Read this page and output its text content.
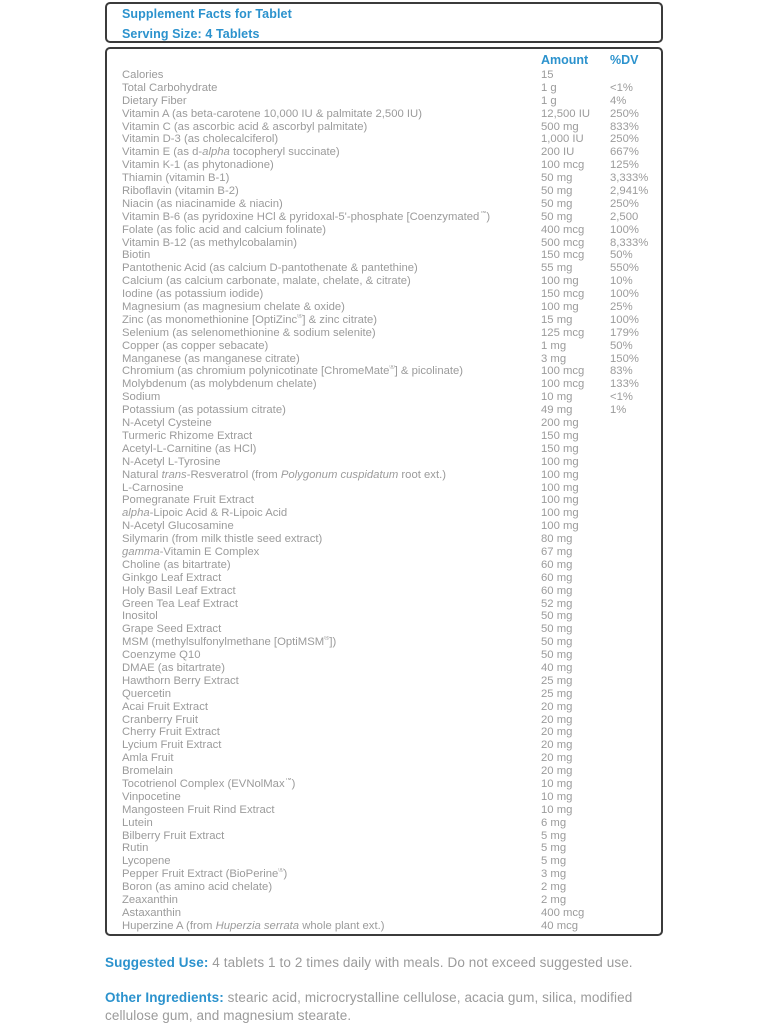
Supplement Facts for Tablet
Serving Size: 4 Tablets
Amount %DV
Calories	15
Total Carbohydrate	1 g	<1%
Dietary Fiber	1 g	4%
Vitamin A (as beta-carotene 10,000 IU & palmitate 2,500 IU)	12,500 IU	250%
Vitamin C (as ascorbic acid & ascorbyl palmitate)	500 mg	833%
Vitamin D-3 (as cholecalciferol)	1,000 IU	250%
Vitamin E (as d-alpha tocopheryl succinate)	200 IU	667%
Vitamin K-1 (as phytonadione)	100 mcg	125%
Thiamin (vitamin B-1)	50 mg	3,333%
Riboflavin (vitamin B-2)	50 mg	2,941%
Niacin (as niacinamide & niacin)	50 mg	250%
Vitamin B-6 (as pyridoxine HCl & pyridoxal-5'-phosphate [Coenzymated™)	50 mg	2,500
Folate (as folic acid and calcium folinate)	400 mcg	100%
Vitamin B-12 (as methylcobalamin)	500 mcg	8,333%
Biotin	150 mcg	50%
Pantothenic Acid (as calcium D-pantothenate & pantethine)	55 mg	550%
Calcium (as calcium carbonate, malate, chelate, & citrate)	100 mg	10%
Iodine (as potassium iodide)	150 mcg	100%
Magnesium (as magnesium chelate & oxide)	100 mg	25%
Zinc (as monomethionine [OptiZinc®] & zinc citrate)	15 mg	100%
Selenium (as selenomethionine & sodium selenite)	125 mcg	179%
Copper (as copper sebacate)	1 mg	50%
Manganese (as manganese citrate)	3 mg	150%
Chromium (as chromium polynicotinate [ChromeMate®] & picolinate)	100 mcg	83%
Molybdenum (as molybdenum chelate)	100 mcg	133%
Sodium	10 mg	<1%
Potassium (as potassium citrate)	49 mg	1%
N-Acetyl Cysteine	200 mg
Turmeric Rhizome Extract	150 mg
Acetyl-L-Carnitine (as HCl)	150 mg
N-Acetyl L-Tyrosine	100 mg
Natural trans-Resveratrol (from Polygonum cuspidatum root ext.)	100 mg
L-Carnosine	100 mg
Pomegranate Fruit Extract	100 mg
alpha-Lipoic Acid & R-Lipoic Acid	100 mg
N-Acetyl Glucosamine	100 mg
Silymarin (from milk thistle seed extract)	80 mg
gamma-Vitamin E Complex	67 mg
Choline (as bitartrate)	60 mg
Ginkgo Leaf Extract	60 mg
Holy Basil Leaf Extract	60 mg
Green Tea Leaf Extract	52 mg
Inositol	50 mg
Grape Seed Extract	50 mg
MSM (methylsulfonylmethane [OptiMSM®])	50 mg
Coenzyme Q10	50 mg
DMAE (as bitartrate)	40 mg
Hawthorn Berry Extract	25 mg
Quercetin	25 mg
Acai Fruit Extract	20 mg
Cranberry Fruit	20 mg
Cherry Fruit Extract	20 mg
Lycium Fruit Extract	20 mg
Amla Fruit	20 mg
Bromelain	20 mg
Tocotrienol Complex (EVNolMax™)	10 mg
Vinpocetine	10 mg
Mangosteen Fruit Rind Extract	10 mg
Lutein	6 mg
Bilberry Fruit Extract	5 mg
Rutin	5 mg
Lycopene	5 mg
Pepper Fruit Extract (BioPerine®)	3 mg
Boron (as amino acid chelate)	2 mg
Zeaxanthin	2 mg
Astaxanthin	400 mcg
Huperzine A (from Huperzia serrata whole plant ext.)	40 mcg
Suggested Use: 4 tablets 1 to 2 times daily with meals. Do not exceed suggested use.
Other Ingredients: stearic acid, microcrystalline cellulose, acacia gum, silica, modified cellulose gum, and magnesium stearate.
